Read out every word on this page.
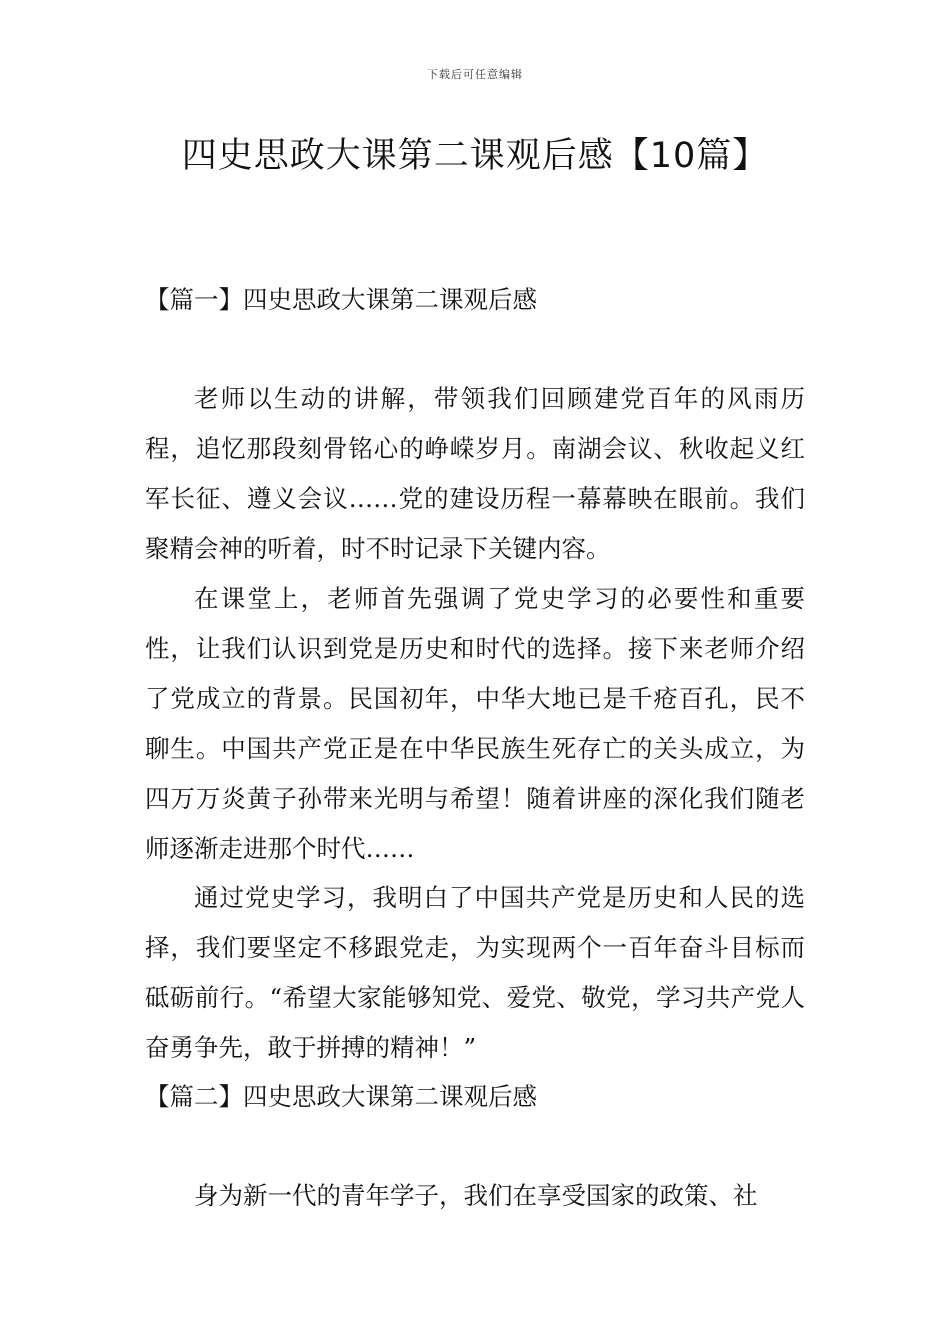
下载后可任意编辑
四史思政大课第二课观后感【10篇】

【篇一】四史思政大课第二课观后感

老师以生动的讲解，带领我们回顾建党百年的风雨历程，追忆那段刻骨铭心的峥嵘岁月。南湖会议、秋收起义红军长征、遵义会议……党的建设历程一幕幕映在眼前。我们聚精会神的听着，时不时记录下关键内容。

在课堂上，老师首先强调了党史学习的必要性和重要性，让我们认识到党是历史和时代的选择。接下来老师介绍了党成立的背景。民国初年，中华大地已是千疮百孔，民不聊生。中国共产党正是在中华民族生死存亡的关头成立，为四万万炎黄子孙带来光明与希望！随着讲座的深化我们随老师逐渐走进那个时代……

通过党史学习，我明白了中国共产党是历史和人民的选择，我们要坚定不移跟党走，为实现两个一百年奋斗目标而砥砺前行。“希望大家能够知党、爱党、敬党，学习共产党人奋勇争先，敢于拼搏的精神！”

【篇二】四史思政大课第二课观后感

身为新一代的青年学子，我们在享受国家的政策、社
